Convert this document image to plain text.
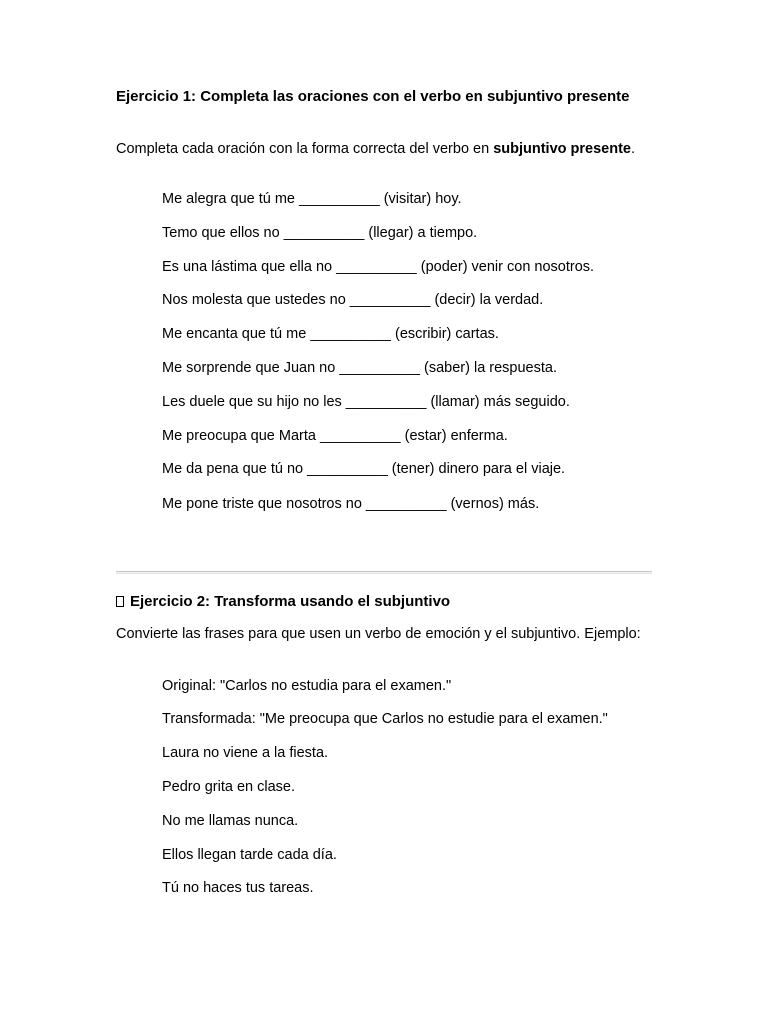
Ejercicio 1: Completa las oraciones con el verbo en subjuntivo presente

Completa cada oración con la forma correcta del verbo en subjuntivo presente.

Me alegra que tú me __________ (visitar) hoy.
Temo que ellos no __________ (llegar) a tiempo.
Es una lástima que ella no __________ (poder) venir con nosotros.
Nos molesta que ustedes no __________ (decir) la verdad.
Me encanta que tú me __________ (escribir) cartas.
Me sorprende que Juan no __________ (saber) la respuesta.
Les duele que su hijo no les __________ (llamar) más seguido.
Me preocupa que Marta __________ (estar) enferma.
Me da pena que tú no __________ (tener) dinero para el viaje.
Me pone triste que nosotros no __________ (vernos) más.
Ejercicio 2: Transforma usando el subjuntivo

Convierte las frases para que usen un verbo de emoción y el subjuntivo. Ejemplo:

Original: "Carlos no estudia para el examen."
Transformada: "Me preocupa que Carlos no estudie para el examen."
Laura no viene a la fiesta.
Pedro grita en clase.
No me llamas nunca.
Ellos llegan tarde cada día.
Tú no haces tus tareas.
